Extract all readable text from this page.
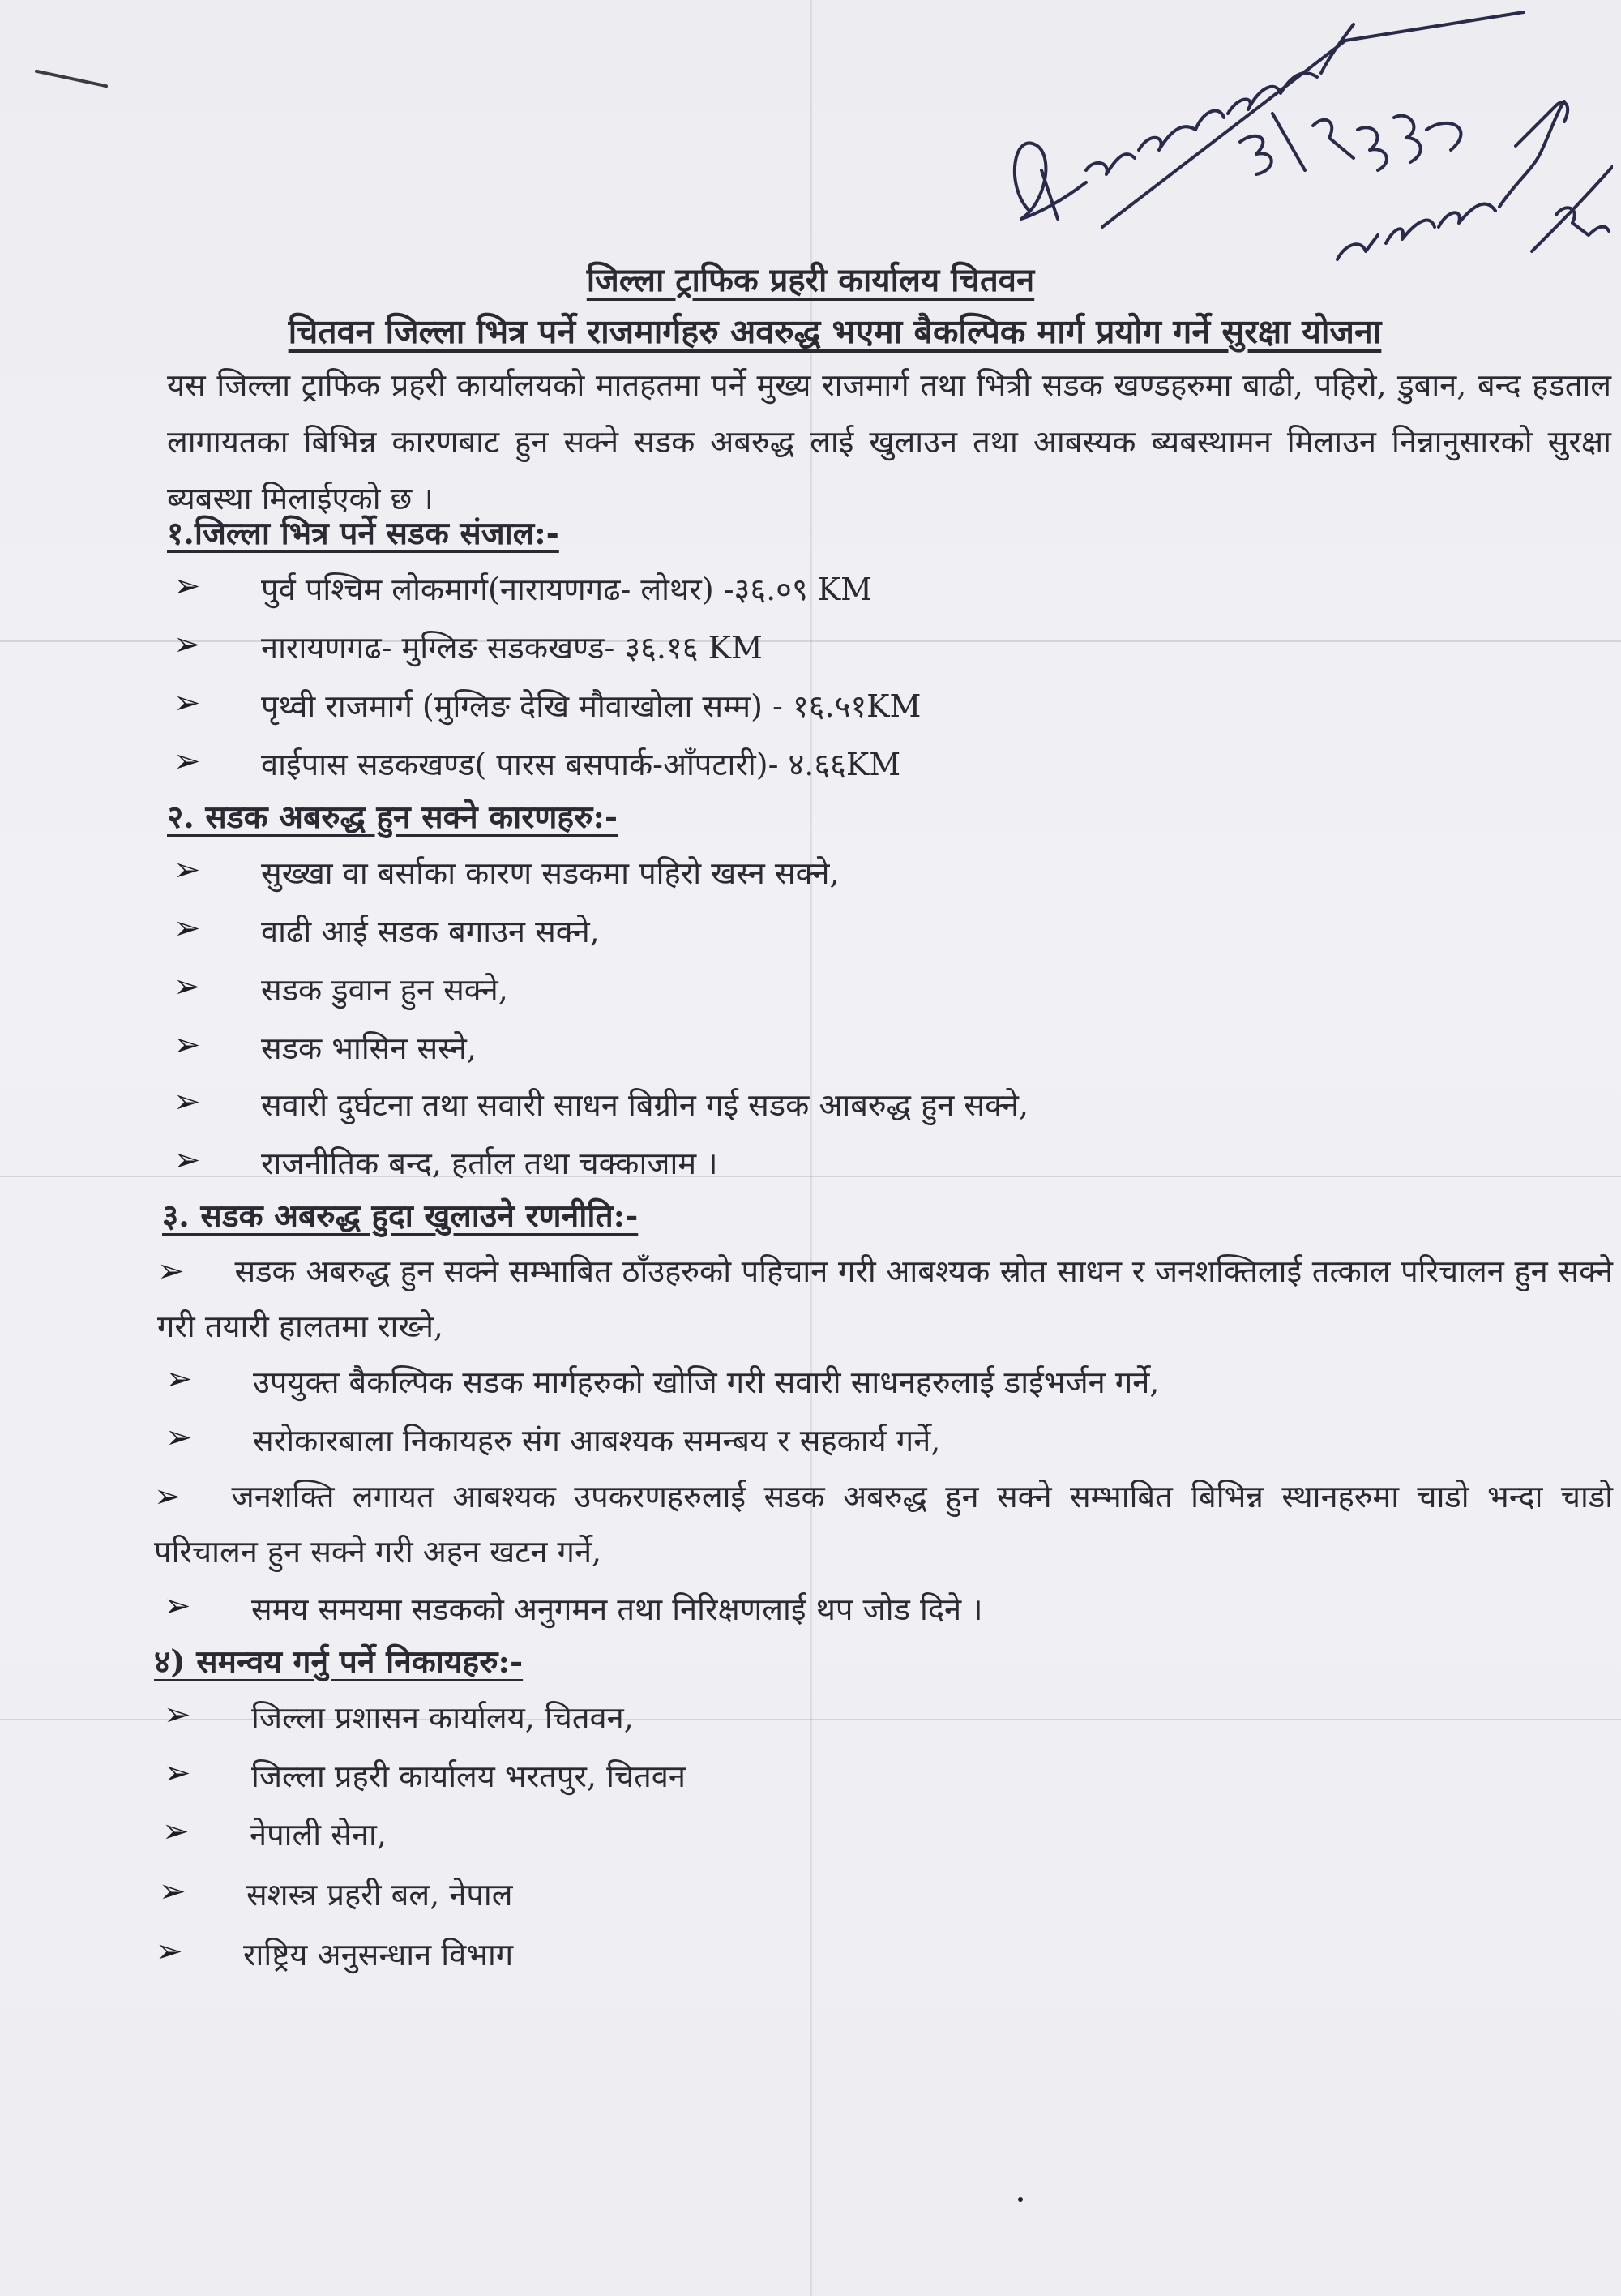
जिल्ला ट्राफिक प्रहरी कार्यालय चितवन
चितवन जिल्ला भित्र पर्ने राजमार्गहरु अवरुद्ध भएमा बैकल्पिक मार्ग प्रयोग गर्ने सुरक्षा योजना
यस जिल्ला ट्राफिक प्रहरी कार्यालयको मातहतमा पर्ने मुख्य राजमार्ग तथा भित्री सडक खण्डहरुमा बाढी, पहिरो, डुबान, बन्द हडताल लागायतका बिभिन्न कारणबाट हुन सक्ने सडक अबरुद्ध लाई खुलाउन तथा आबस्यक ब्यबस्थामन मिलाउन निन्नानुसारको सुरक्षा ब्यबस्था मिलाईएको छ ।
१.जिल्ला भित्र पर्ने सडक संजाल:-
➢ पुर्व पश्चिम लोकमार्ग(नारायणगढ- लोथर) -३६.०९ KM
➢ नारायणगढ- मुग्लिङ सडकखण्ड- ३६.१६ KM
➢ पृथ्वी राजमार्ग (मुग्लिङ देखि मौवाखोला सम्म) - १६.५१KM
➢ वाईपास सडकखण्ड( पारस बसपार्क-आँपटारी)- ४.६६KM
२. सडक अबरुद्ध हुन सक्ने कारणहरु:-
➢ सुख्खा वा बर्साका कारण सडकमा पहिरो खस्न सक्ने,
➢ वाढी आई सडक बगाउन सक्ने,
➢ सडक डुवान हुन सक्ने,
➢ सडक भासिन सस्ने,
➢ सवारी दुर्घटना तथा सवारी साधन बिग्रीन गई सडक आबरुद्ध हुन सक्ने,
➢ राजनीतिक बन्द, हर्ताल तथा चक्काजाम ।
३. सडक अबरुद्ध हुदा खुलाउने रणनीति:-
➢ सडक अबरुद्ध हुन सक्ने सम्भाबित ठाँउहरुको पहिचान गरी आबश्यक स्रोत साधन र जनशक्तिलाई तत्काल परिचालन हुन सक्ने गरी तयारी हालतमा राख्ने,
➢ उपयुक्त बैकल्पिक सडक मार्गहरुको खोजि गरी सवारी साधनहरुलाई डाईभर्जन गर्ने,
➢ सरोकारबाला निकायहरु संग आबश्यक समन्बय र सहकार्य गर्ने,
➢ जनशक्ति लगायत आबश्यक उपकरणहरुलाई सडक अबरुद्ध हुन सक्ने सम्भाबित बिभिन्न स्थानहरुमा चाडो भन्दा चाडो परिचालन हुन सक्ने गरी अहन खटन गर्ने,
➢ समय समयमा सडकको अनुगमन तथा निरिक्षणलाई थप जोड दिने ।
४) समन्वय गर्नु पर्ने निकायहरु:-
➢ जिल्ला प्रशासन कार्यालय, चितवन,
➢ जिल्ला प्रहरी कार्यालय भरतपुर, चितवन
➢ नेपाली सेना,
➢ सशस्त्र प्रहरी बल, नेपाल
➢ राष्ट्रिय अनुसन्धान विभाग
